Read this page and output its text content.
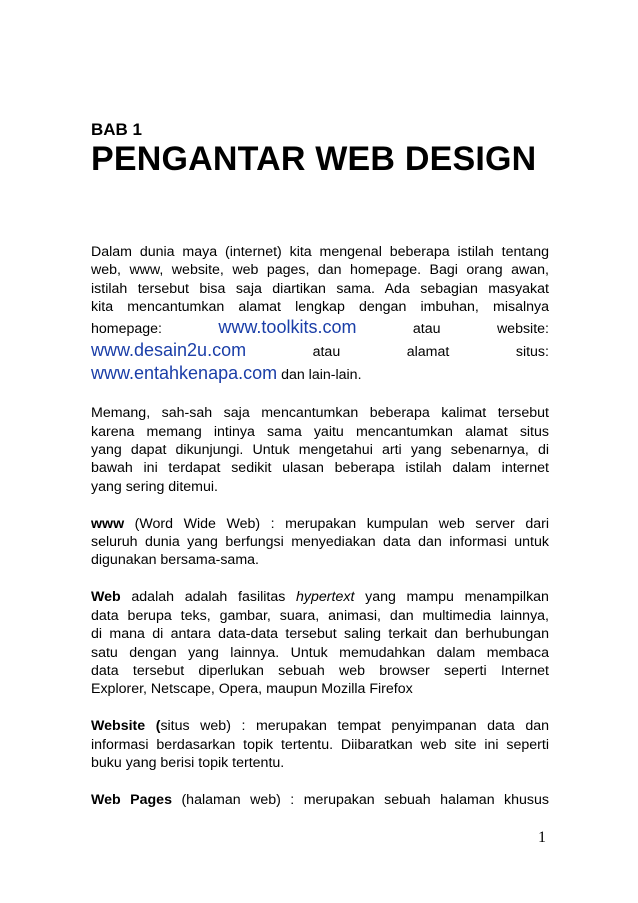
BAB 1
PENGANTAR WEB DESIGN
Dalam dunia maya (internet) kita mengenal beberapa istilah tentang
web, www, website, web pages, dan homepage. Bagi orang awan,
istilah tersebut bisa saja diartikan sama. Ada sebagian masyakat
kita mencantumkan alamat lengkap dengan imbuhan, misalnya
homepage:	www.toolkits.com	atau	website:
www.desain2u.com	atau	alamat	situs:
www.entahkenapa.com dan lain-lain.
Memang, sah-sah saja mencantumkan beberapa kalimat tersebut
karena memang intinya sama yaitu mencantumkan alamat situs
yang dapat dikunjungi. Untuk mengetahui arti yang sebenarnya, di
bawah ini terdapat sedikit ulasan beberapa istilah dalam internet
yang sering ditemui.
www (Word Wide Web) : merupakan kumpulan web server dari
seluruh dunia yang berfungsi menyediakan data dan informasi untuk
digunakan bersama-sama.
Web adalah adalah fasilitas hypertext yang mampu menampilkan
data berupa teks, gambar, suara, animasi, dan multimedia lainnya,
di mana di antara data-data tersebut saling terkait dan berhubungan
satu dengan yang lainnya. Untuk memudahkan dalam membaca
data tersebut diperlukan sebuah web browser seperti Internet
Explorer, Netscape, Opera, maupun Mozilla Firefox
Website (situs web) : merupakan tempat penyimpanan data dan
informasi berdasarkan topik tertentu. Diibaratkan web site ini seperti
buku yang berisi topik tertentu.
Web Pages (halaman web) : merupakan sebuah halaman khusus
1
